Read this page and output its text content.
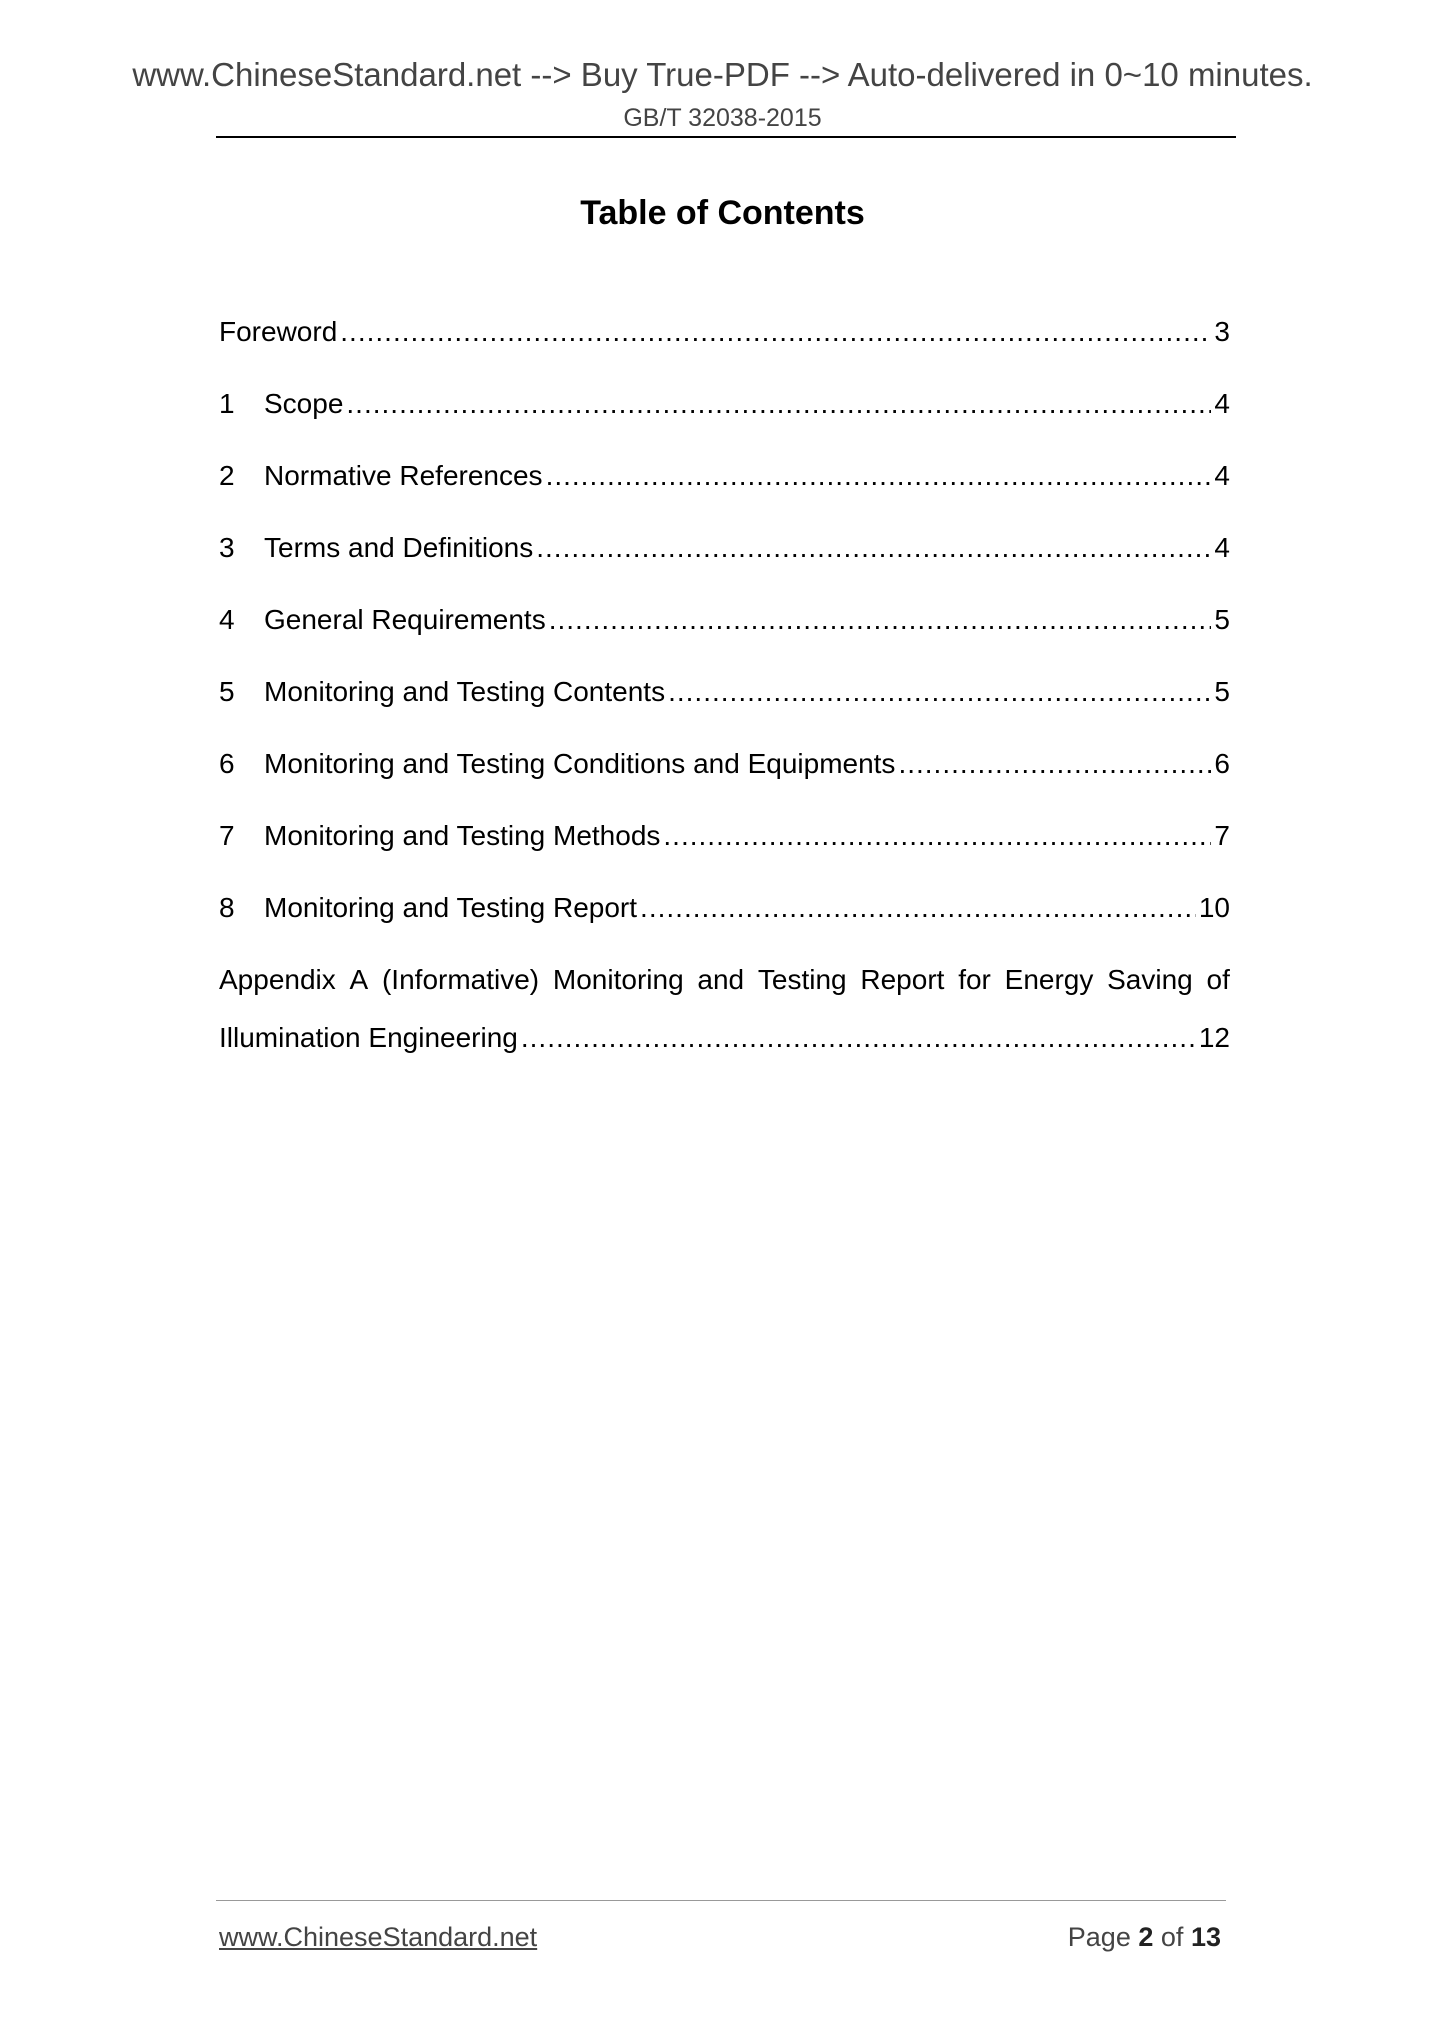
www.ChineseStandard.net --> Buy True-PDF --> Auto-delivered in 0~10 minutes.
GB/T 32038-2015
Table of Contents
Foreword .....	3
1	Scope .....	4
2	Normative References .....	4
3	Terms and Definitions .....	4
4	General Requirements .....	5
5	Monitoring and Testing Contents .....	5
6	Monitoring and Testing Conditions and Equipments .....	6
7	Monitoring and Testing Methods .....	7
8	Monitoring and Testing Report .....	10
Appendix A (Informative) Monitoring and Testing Report for Energy Saving of
Illumination Engineering .....	12
www.ChineseStandard.net	Page 2 of 13
